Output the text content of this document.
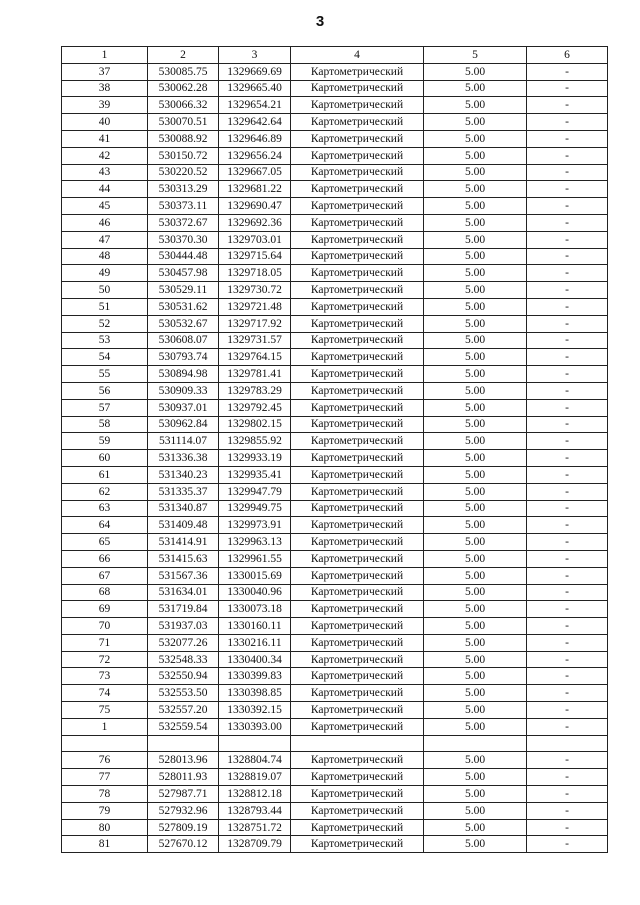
3
1	2	3	4	5	6
37	530085.75	1329669.69	Картометрический	5.00	-
38	530062.28	1329665.40	Картометрический	5.00	-
39	530066.32	1329654.21	Картометрический	5.00	-
40	530070.51	1329642.64	Картометрический	5.00	-
41	530088.92	1329646.89	Картометрический	5.00	-
42	530150.72	1329656.24	Картометрический	5.00	-
43	530220.52	1329667.05	Картометрический	5.00	-
44	530313.29	1329681.22	Картометрический	5.00	-
45	530373.11	1329690.47	Картометрический	5.00	-
46	530372.67	1329692.36	Картометрический	5.00	-
47	530370.30	1329703.01	Картометрический	5.00	-
48	530444.48	1329715.64	Картометрический	5.00	-
49	530457.98	1329718.05	Картометрический	5.00	-
50	530529.11	1329730.72	Картометрический	5.00	-
51	530531.62	1329721.48	Картометрический	5.00	-
52	530532.67	1329717.92	Картометрический	5.00	-
53	530608.07	1329731.57	Картометрический	5.00	-
54	530793.74	1329764.15	Картометрический	5.00	-
55	530894.98	1329781.41	Картометрический	5.00	-
56	530909.33	1329783.29	Картометрический	5.00	-
57	530937.01	1329792.45	Картометрический	5.00	-
58	530962.84	1329802.15	Картометрический	5.00	-
59	531114.07	1329855.92	Картометрический	5.00	-
60	531336.38	1329933.19	Картометрический	5.00	-
61	531340.23	1329935.41	Картометрический	5.00	-
62	531335.37	1329947.79	Картометрический	5.00	-
63	531340.87	1329949.75	Картометрический	5.00	-
64	531409.48	1329973.91	Картометрический	5.00	-
65	531414.91	1329963.13	Картометрический	5.00	-
66	531415.63	1329961.55	Картометрический	5.00	-
67	531567.36	1330015.69	Картометрический	5.00	-
68	531634.01	1330040.96	Картометрический	5.00	-
69	531719.84	1330073.18	Картометрический	5.00	-
70	531937.03	1330160.11	Картометрический	5.00	-
71	532077.26	1330216.11	Картометрический	5.00	-
72	532548.33	1330400.34	Картометрический	5.00	-
73	532550.94	1330399.83	Картометрический	5.00	-
74	532553.50	1330398.85	Картометрический	5.00	-
75	532557.20	1330392.15	Картометрический	5.00	-
1	532559.54	1330393.00	Картометрический	5.00	-

76	528013.96	1328804.74	Картометрический	5.00	-
77	528011.93	1328819.07	Картометрический	5.00	-
78	527987.71	1328812.18	Картометрический	5.00	-
79	527932.96	1328793.44	Картометрический	5.00	-
80	527809.19	1328751.72	Картометрический	5.00	-
81	527670.12	1328709.79	Картометрический	5.00	-
